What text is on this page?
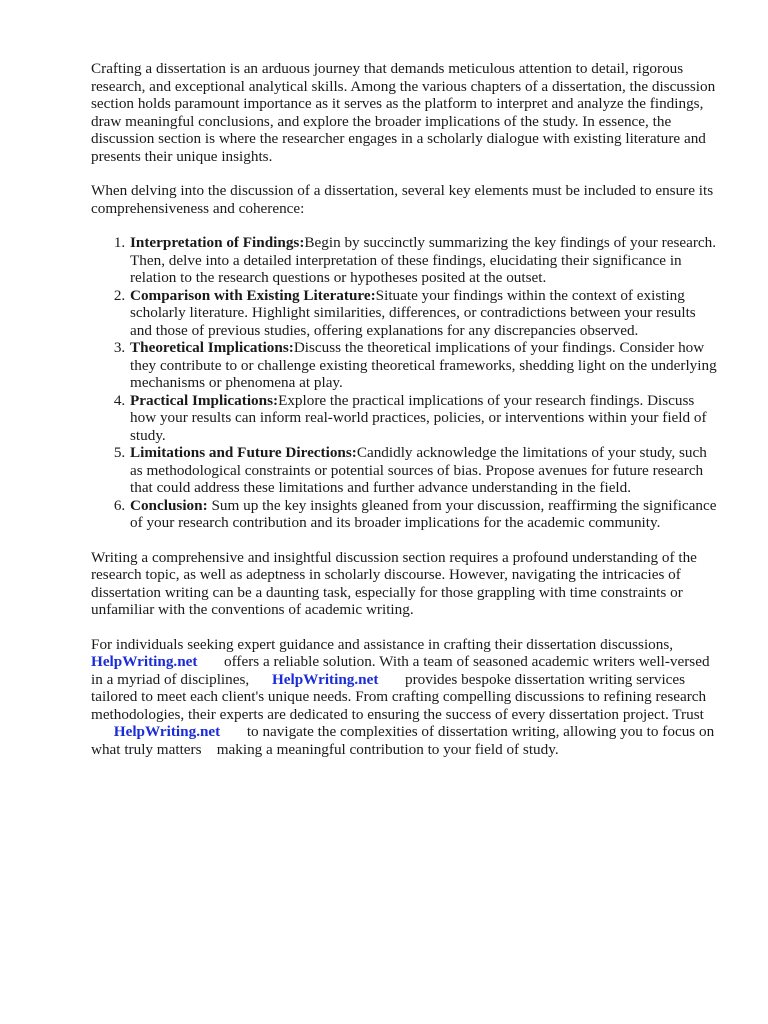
Crafting a dissertation is an arduous journey that demands meticulous attention to detail, rigorous research, and exceptional analytical skills. Among the various chapters of a dissertation, the discussion section holds paramount importance as it serves as the platform to interpret and analyze the findings, draw meaningful conclusions, and explore the broader implications of the study. In essence, the discussion section is where the researcher engages in a scholarly dialogue with existing literature and presents their unique insights.

When delving into the discussion of a dissertation, several key elements must be included to ensure its comprehensiveness and coherence:

1. Interpretation of Findings:Begin by succinctly summarizing the key findings of your research. Then, delve into a detailed interpretation of these findings, elucidating their significance in relation to the research questions or hypotheses posited at the outset.
2. Comparison with Existing Literature:Situate your findings within the context of existing scholarly literature. Highlight similarities, differences, or contradictions between your results and those of previous studies, offering explanations for any discrepancies observed.
3. Theoretical Implications:Discuss the theoretical implications of your findings. Consider how they contribute to or challenge existing theoretical frameworks, shedding light on the underlying mechanisms or phenomena at play.
4. Practical Implications:Explore the practical implications of your research findings. Discuss how your results can inform real-world practices, policies, or interventions within your field of study.
5. Limitations and Future Directions:Candidly acknowledge the limitations of your study, such as methodological constraints or potential sources of bias. Propose avenues for future research that could address these limitations and further advance understanding in the field.
6. Conclusion: Sum up the key insights gleaned from your discussion, reaffirming the significance of your research contribution and its broader implications for the academic community.

Writing a comprehensive and insightful discussion section requires a profound understanding of the research topic, as well as adeptness in scholarly discourse. However, navigating the intricacies of dissertation writing can be a daunting task, especially for those grappling with time constraints or unfamiliar with the conventions of academic writing.

For individuals seeking expert guidance and assistance in crafting their dissertation discussions, HelpWriting.net offers a reliable solution. With a team of seasoned academic writers well-versed in a myriad of disciplines, HelpWriting.net provides bespoke dissertation writing services tailored to meet each client's unique needs. From crafting compelling discussions to refining research methodologies, their experts are dedicated to ensuring the success of every dissertation project. Trust       HelpWriting.net to navigate the complexities of dissertation writing, allowing you to focus on what truly matters making a meaningful contribution to your field of study.
